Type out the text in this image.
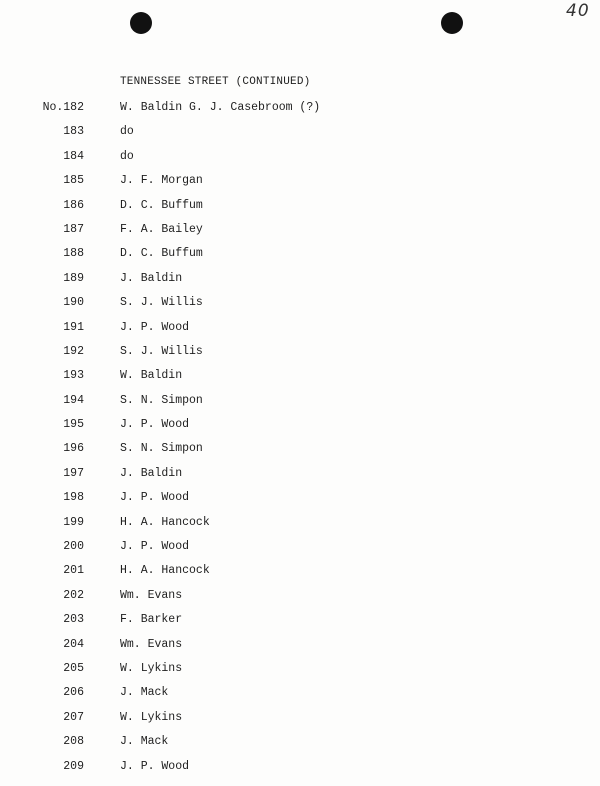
40
TENNESSEE STREET (CONTINUED)
No.182	W. Baldin G. J. Casebroom (?)
183	do
184	do
185	J. F. Morgan
186	D. C. Buffum
187	F. A. Bailey
188	D. C. Buffum
189	J. Baldin
190	S. J. Willis
191	J. P. Wood
192	S. J. Willis
193	W. Baldin
194	S. N. Simpon
195	J. P. Wood
196	S. N. Simpon
197	J. Baldin
198	J. P. Wood
199	H. A. Hancock
200	J. P. Wood
201	H. A. Hancock
202	Wm. Evans
203	F. Barker
204	Wm. Evans
205	W. Lykins
206	J. Mack
207	W. Lykins
208	J. Mack
209	J. P. Wood
